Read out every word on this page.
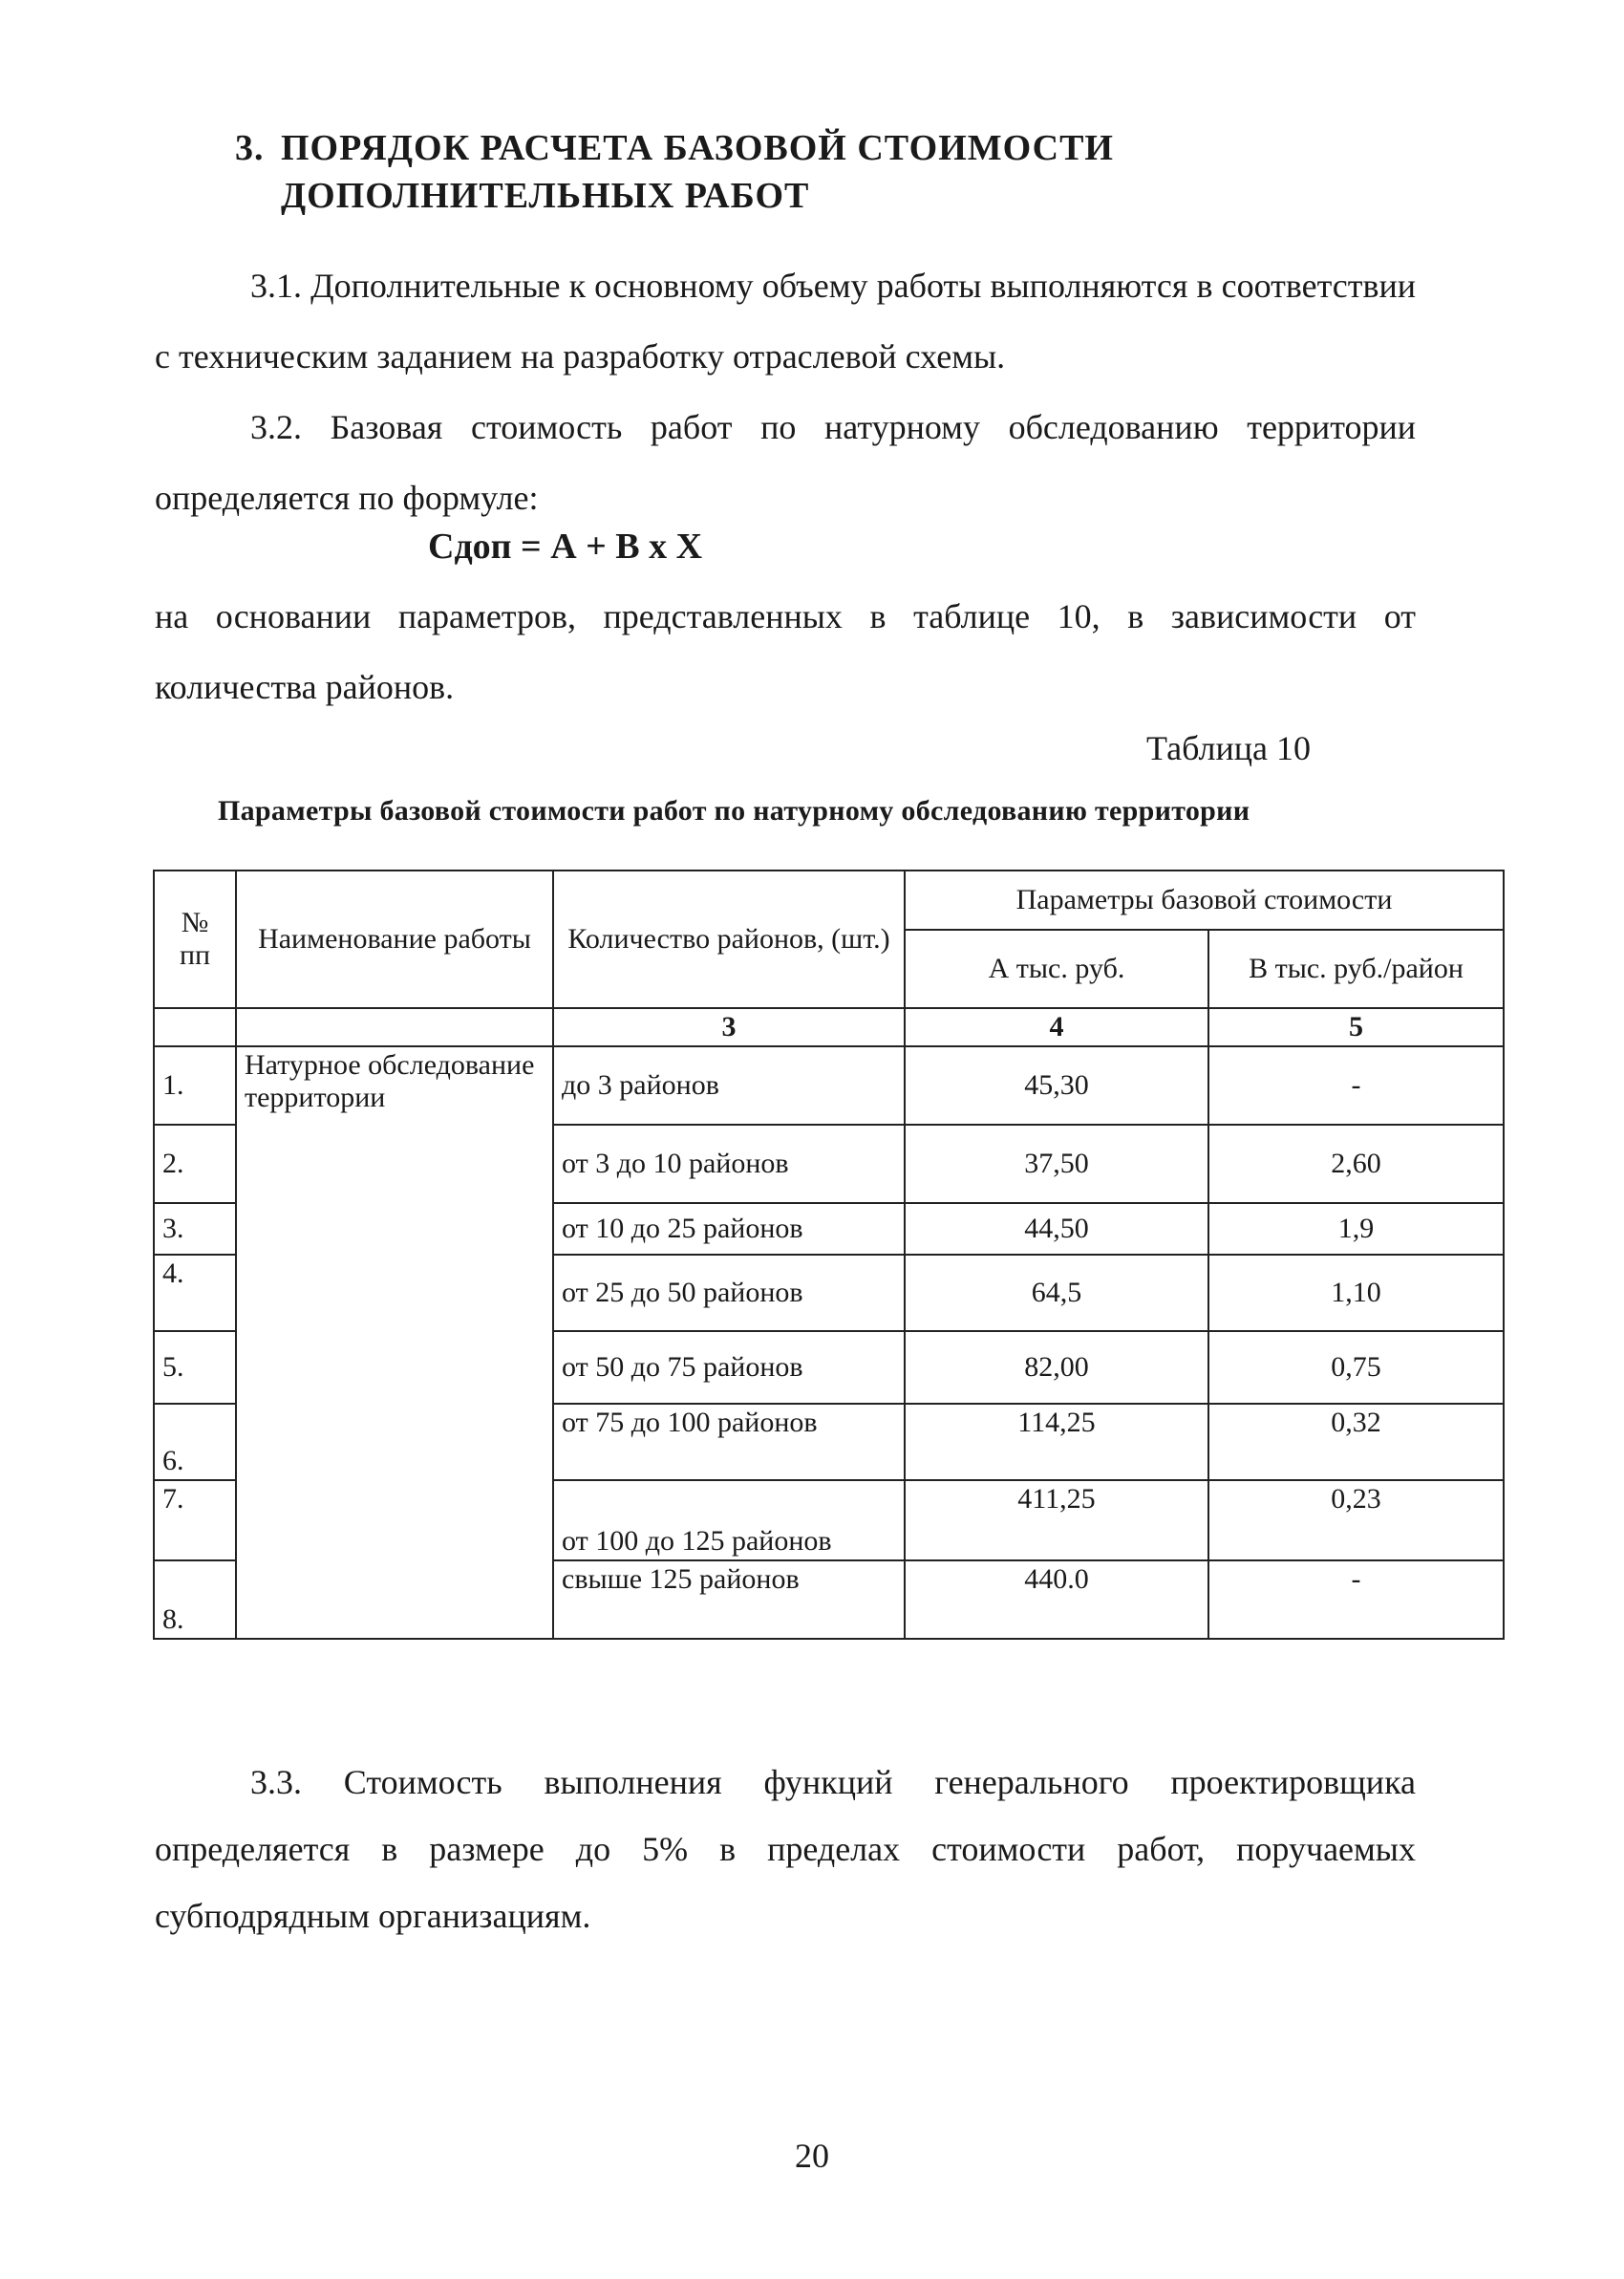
3. ПОРЯДОК РАСЧЕТА БАЗОВОЙ СТОИМОСТИ
ДОПОЛНИТЕЛЬНЫХ РАБОТ
3.1. Дополнительные к основному объему работы выполняются в соответствии с техническим заданием на разработку отраслевой схемы.
3.2. Базовая стоимость работ по натурному обследованию территории определяется по формуле:
Сдоп = А + В х Х
на основании параметров, представленных в таблице 10, в зависимости от количества районов.
Таблица 10
Параметры базовой стоимости работ по натурному обследованию территории
№ пп	Наименование работы	Количество районов, (шт.)	Параметры базовой стоимости	
			А тыс. руб.	В тыс. руб./район
		3	4	5
1.	Натурное обследование территории	до 3 районов	45,30	-
2.		от 3 до 10 районов	37,50	2,60
3.		от 10 до 25 районов	44,50	1,9
4.		от 25 до 50 районов	64,5	1,10
5.		от 50 до 75 районов	82,00	0,75
6.		от 75 до 100 районов	114,25	0,32
7.		от 100 до 125 районов	411,25	0,23
8.		свыше 125 районов	440.0	-
3.3. Стоимость выполнения функций генерального проектировщика определяется в размере до 5% в пределах стоимости работ, поручаемых субподрядным организациям.
20
